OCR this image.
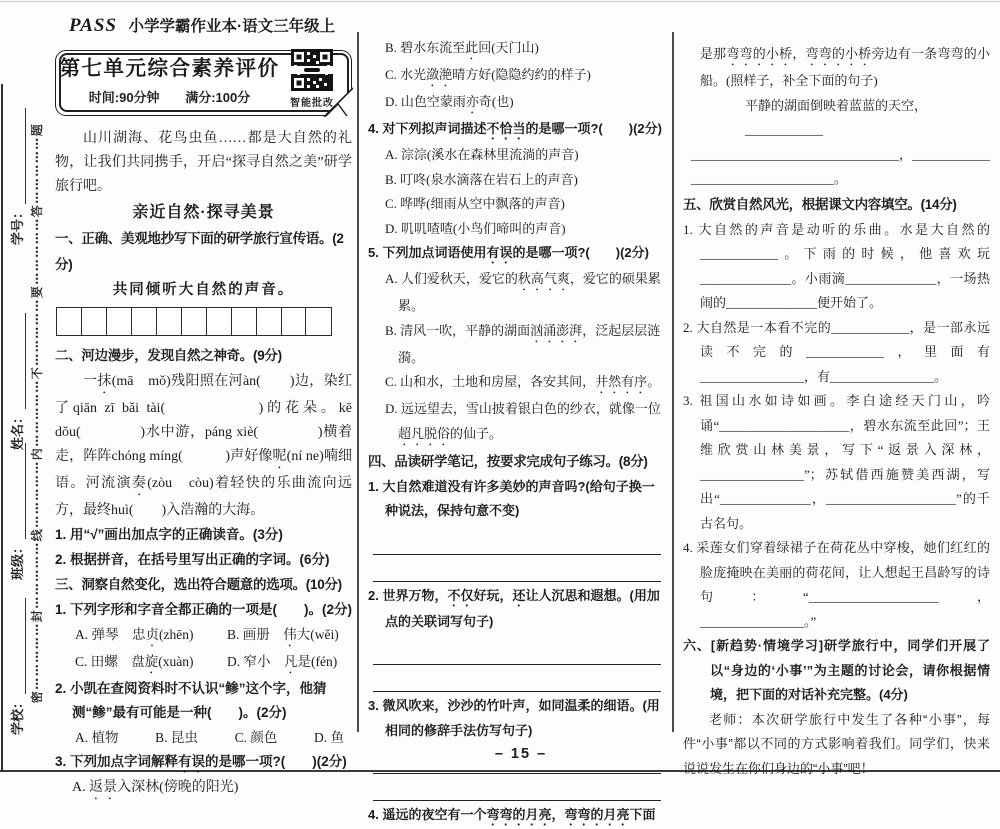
学号：
姓名：
班级：
学校：
密⋯⋯⋯⋯⋯封⋯⋯⋯⋯⋯线⋯⋯⋯⋯⋯内⋯⋯⋯⋯⋯不⋯⋯⋯⋯⋯要⋯⋯⋯⋯⋯答⋯⋯⋯⋯⋯题
PASS 小学学霸作业本·语文三年级上
第七单元综合素养评价
时间:90分钟 满分:100分	智能批改

山川湖海、花鸟虫鱼……都是大自然的礼物，让我们共同携手，开启“探寻自然之美”研学旅行吧。

亲近自然·探寻美景
一、正确、美观地抄写下面的研学旅行宣传语。(2分)
共同倾听大自然的声音。
二、河边漫步，发现自然之神奇。(9分)

一抹(mā　mǒ)残阳照在河àn(　　)边，染红了qiān zī bǎi tài(　　　　　)的花朵。kē dǒu(　　　　)水中游，páng xiè(　　　　)横着走，阵阵chóng míng(　　　)声好像呢(ní ne)喃细语。河流演奏(zòu　còu)着轻快的乐曲流向远方，最终huì(　　)入浩瀚的大海。

1. 用“√”画出加点字的正确读音。(3分)
2. 根据拼音，在括号里写出正确的字词。(6分)
三、洞察自然变化，选出符合题意的选项。(10分)
1. 下列字形和字音全都正确的一项是(　　)。(2分)
A. 弹琴　忠贞(zhēn)	B. 画册　伟大(wěi)
C. 田螺　盘旋(xuàn)	D. 窄小　凡是(fén)
2. 小凯在查阅资料时不认识“鲹”这个字，他猜测“鲹”最有可能是一种(　　)。(2分)
A. 植物	B. 昆虫	C. 颜色	D. 鱼
3. 下列加点字词解释有误的是哪一项?(　　)(2分)
A. 返景入深林(傍晚的阳光)
B. 碧水东流至此回(天门山)
C. 水光潋滟晴方好(隐隐约约的样子)
D. 山色空蒙雨亦奇(也)
4. 对下列拟声词描述不恰当的是哪一项?(　　)(2分)
A. 淙淙(溪水在森林里流淌的声音)
B. 叮咚(泉水滴落在岩石上的声音)
C. 哗哗(细雨从空中飘落的声音)
D. 叽叽喳喳(小鸟们啼叫的声音)
5. 下列加点词语使用有误的是哪一项?(　　)(2分)
A. 人们爱秋天，爱它的秋高气爽，爱它的硕果累累。
B. 清风一吹，平静的湖面汹涌澎湃，泛起层层涟漪。
C. 山和水，土地和房屋，各安其间，井然有序。
D. 远远望去，雪山披着银白色的纱衣，就像一位超凡脱俗的仙子。
四、品读研学笔记，按要求完成句子练习。(8分)
1. 大自然难道没有许多美妙的声音吗?(给句子换一种说法，保持句意不变)
2. 世界万物，不仅好玩，还让人沉思和遐想。(用加点的关联词写句子)
3. 微风吹来，沙沙的竹叶声，如同温柔的细语。(用相同的修辞手法仿写句子)
4. 遥远的夜空有一个弯弯的月亮，弯弯的月亮下面
是那弯弯的小桥，弯弯的小桥旁边有一条弯弯的小船。(照样子，补全下面的句子)
平静的湖面倒映着蓝蓝的天空，____________
________________________________，____________
______________________。
五、欣赏自然风光，根据课文内容填空。(14分)
1. 大自然的声音是动听的乐曲。水是大自然的____________。下雨的时候，他喜欢玩______________。小雨滴______________，一场热闹的______________便开始了。
2. 大自然是一本看不完的____________，是一部永远读不完的____________，里面有________________，有________________。
3. 祖国山水如诗如画。李白途经天门山，吟诵“____________________，碧水东流至此回”；王维欣赏山林美景，写下“返景入深林，________________”；苏轼借西施赞美西湖，写出“______________，____________________”的千古名句。
4. 采莲女们穿着绿裙子在荷花丛中穿梭，她们红红的脸庞掩映在美丽的荷花间，让人想起王昌龄写的诗句：“____________________，________________。”
六、[新趋势·情境学习]研学旅行中，同学们开展了以“身边的‘小事’”为主题的讨论会，请你根据情境，把下面的对话补充完整。(4分)
老师：本次研学旅行中发生了各种“小事”，每件“小事”都以不同的方式影响着我们。同学们，快来说说发生在你们身边的“小事”吧！
– 15 –
